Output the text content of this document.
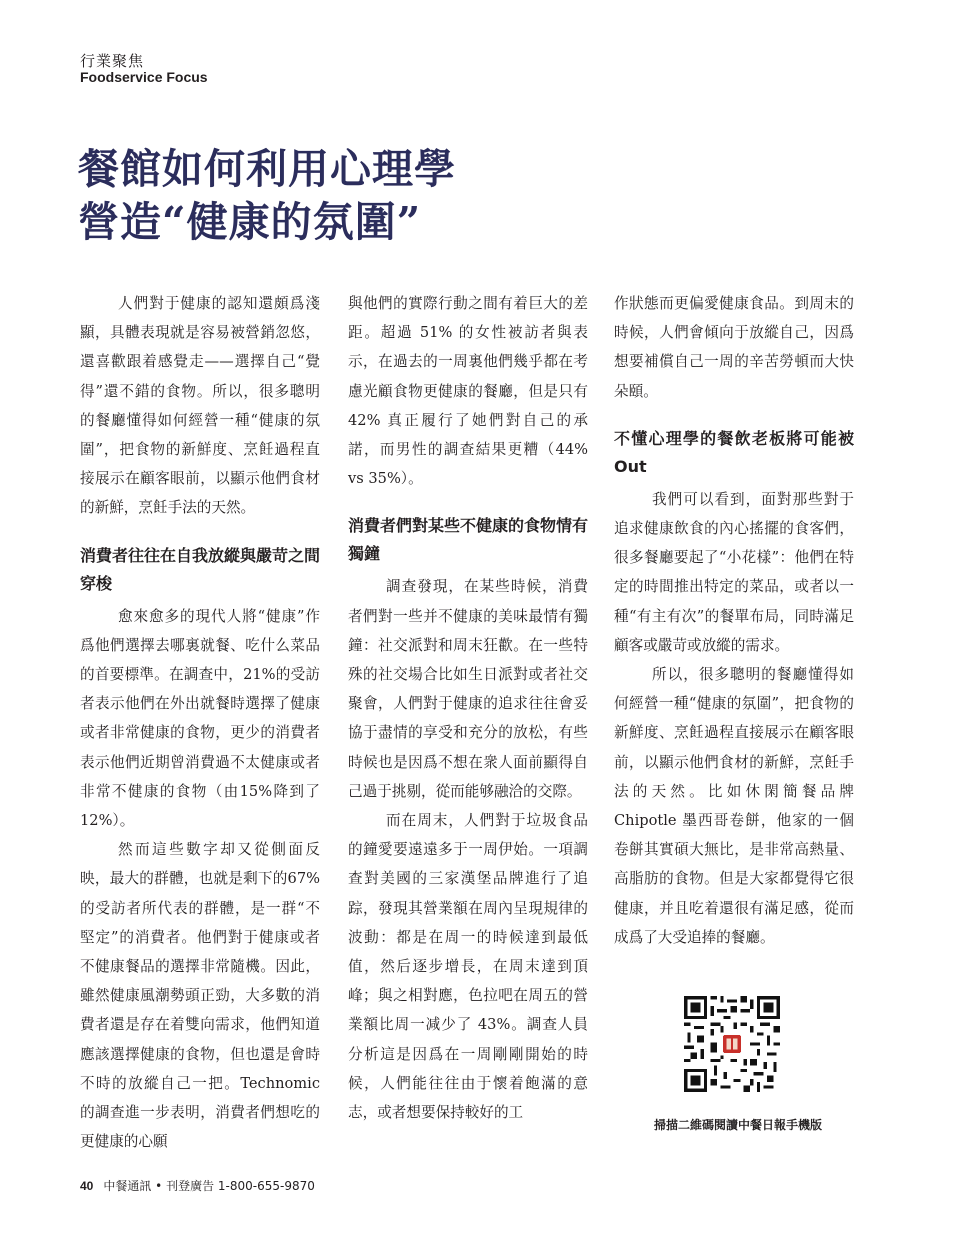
行業聚焦
Foodservice Focus
餐館如何利用心理學
營造“健康的氛圍”

人們對于健康的認知還頗爲淺顯，具體表現就是容易被營銷忽悠，還喜歡跟着感覺走——選擇自己“覺得”還不錯的食物。所以，很多聰明的餐廳懂得如何經營一種“健康的氛圍”，把食物的新鮮度、烹飪過程直接展示在顧客眼前，以顯示他們食材的新鮮，烹飪手法的天然。

消費者往往在自我放縱與嚴苛之間穿梭

愈來愈多的現代人將“健康”作爲他們選擇去哪裏就餐、吃什么菜品的首要標準。在調查中，21%的受訪者表示他們在外出就餐時選擇了健康或者非常健康的食物，更少的消費者表示他們近期曾消費過不太健康或者非常不健康的食物（由15%降到了12%）。

然而這些數字却又從側面反映，最大的群體，也就是剩下的67%的受訪者所代表的群體，是一群“不堅定”的消費者。他們對于健康或者不健康餐品的選擇非常隨機。因此，雖然健康風潮勢頭正勁，大多數的消費者還是存在着雙向需求，他們知道應該選擇健康的食物，但也還是會時不時的放縱自己一把。Technomic 的調查進一步表明，消費者們想吃的更健康的心願

與他們的實際行動之間有着巨大的差距。超過 51% 的女性被訪者與表示，在過去的一周裏他們幾乎都在考慮光顧食物更健康的餐廳，但是只有 42% 真正履行了她們對自己的承諾，而男性的調查結果更糟（44% vs 35%）。

消費者們對某些不健康的食物情有獨鐘

調查發現，在某些時候，消費者們對一些并不健康的美味最情有獨鐘：社交派對和周末狂歡。在一些特殊的社交場合比如生日派對或者社交聚會，人們對于健康的追求往往會妥協于盡情的享受和充分的放松，有些時候也是因爲不想在衆人面前顯得自己過于挑剔，從而能够融洽的交際。

而在周末，人們對于垃圾食品的鐘愛要遠遠多于一周伊始。一項調查對美國的三家漢堡品牌進行了追踪，發現其營業額在周內呈現規律的波動：都是在周一的時候達到最低值，然后逐步增長，在周末達到頂峰；與之相對應，色拉吧在周五的營業額比周一减少了 43%。調查人員分析這是因爲在一周剛剛開始的時候，人們能往往由于懷着飽滿的意志，或者想要保持較好的工

作狀態而更偏愛健康食品。到周末的時候，人們會傾向于放縱自己，因爲想要補償自己一周的辛苦勞頓而大快朵頤。

不懂心理學的餐飲老板將可能被 Out

我們可以看到，面對那些對于追求健康飲食的內心搖擺的食客們，很多餐廳要起了“小花樣”：他們在特定的時間推出特定的菜品，或者以一種“有主有次”的餐單布局，同時滿足顧客或嚴苛或放縱的需求。

所以，很多聰明的餐廳懂得如何經營一種“健康的氛圍”，把食物的新鮮度、烹飪過程直接展示在顧客眼前，以顯示他們食材的新鮮，烹飪手法的天然。比如休閑簡餐品牌 Chipotle 墨西哥卷餅，他家的一個卷餅其實碩大無比，是非常高熱量、高脂肪的食物。但是大家都覺得它很健康，并且吃着還很有滿足感，從而成爲了大受追捧的餐廳。

掃描二維碼閱讀中餐日報手機版
40 中餐通訊 • 刊登廣告 1-800-655-9870
